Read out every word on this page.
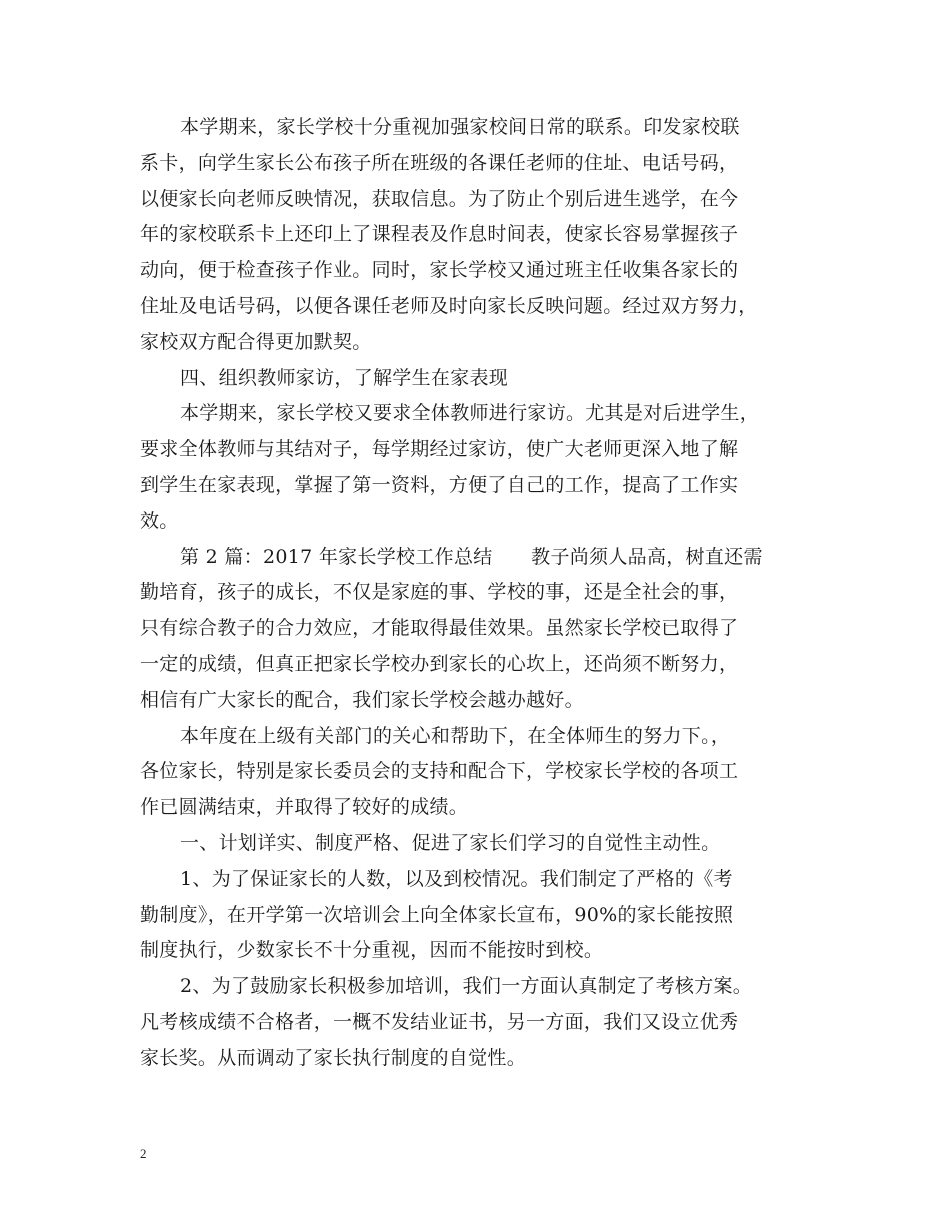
本学期来，家长学校十分重视加强家校间日常的联系。印发家校联
系卡，向学生家长公布孩子所在班级的各课任老师的住址、电话号码，
以便家长向老师反映情况，获取信息。为了防止个别后进生逃学，在今
年的家校联系卡上还印上了课程表及作息时间表，使家长容易掌握孩子
动向，便于检查孩子作业。同时，家长学校又通过班主任收集各家长的
住址及电话号码，以便各课任老师及时向家长反映问题。经过双方努力，
家校双方配合得更加默契。
四、组织教师家访，了解学生在家表现
本学期来，家长学校又要求全体教师进行家访。尤其是对后进学生，
要求全体教师与其结对子，每学期经过家访，使广大老师更深入地了解
到学生在家表现，掌握了第一资料，方便了自己的工作，提高了工作实
效。
第 2 篇：2017 年家长学校工作总结　　教子尚须人品高，树直还需
勤培育，孩子的成长，不仅是家庭的事、学校的事，还是全社会的事，
只有综合教子的合力效应，才能取得最佳效果。虽然家长学校已取得了
一定的成绩，但真正把家长学校办到家长的心坎上，还尚须不断努力，
相信有广大家长的配合，我们家长学校会越办越好。
本年度在上级有关部门的关心和帮助下，在全体师生的努力下。，
各位家长，特别是家长委员会的支持和配合下，学校家长学校的各项工
作已圆满结束，并取得了较好的成绩。
一、计划详实、制度严格、促进了家长们学习的自觉性主动性。
1、为了保证家长的人数，以及到校情况。我们制定了严格的《考
勤制度》，在开学第一次培训会上向全体家长宣布，90%的家长能按照
制度执行，少数家长不十分重视，因而不能按时到校。
2、为了鼓励家长积极参加培训，我们一方面认真制定了考核方案。
凡考核成绩不合格者，一概不发结业证书，另一方面，我们又设立优秀
家长奖。从而调动了家长执行制度的自觉性。
2
